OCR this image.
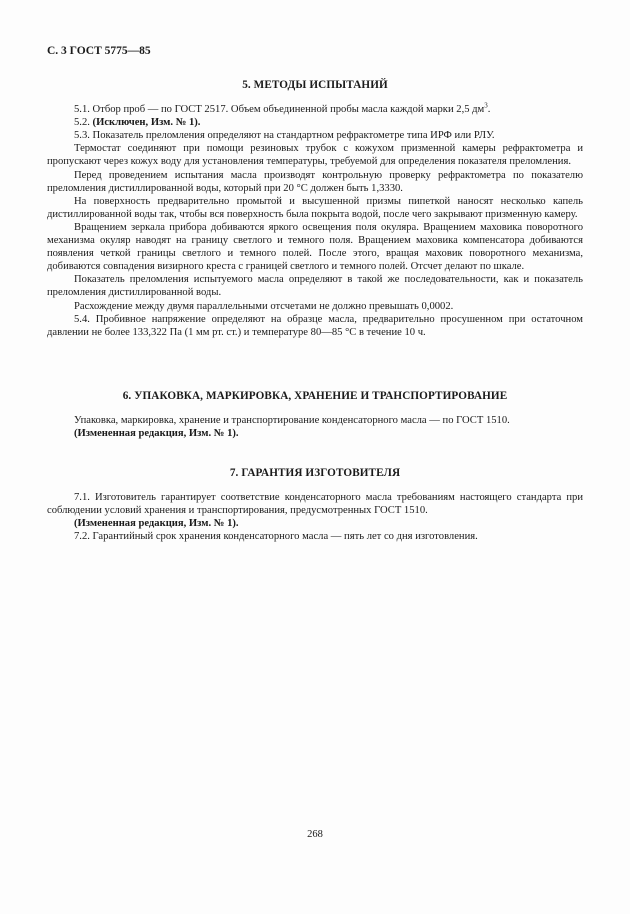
С. 3 ГОСТ 5775—85
5. МЕТОДЫ ИСПЫТАНИЙ

5.1. Отбор проб — по ГОСТ 2517. Объем объединенной пробы масла каждой марки 2,5 $дм^3$.

5.2. (Исключен, Изм. № 1).

5.3. Показатель преломления определяют на стандартном рефрактометре типа ИРФ или РЛУ.

Термостат соединяют при помощи резиновых трубок с кожухом призменной камеры рефрактометра и пропускают через кожух воду для установления температуры, требуемой для определения показателя преломления.

Перед проведением испытания масла производят контрольную проверку рефрактометра по показателю преломления дистиллированной воды, который при 20 °С должен быть 1,3330.

На поверхность предварительно промытой и высушенной призмы пипеткой наносят несколько капель дистиллированной воды так, чтобы вся поверхность была покрыта водой, после чего закрывают призменную камеру.

Вращением зеркала прибора добиваются яркого освещения поля окуляра. Вращением маховика поворотного механизма окуляр наводят на границу светлого и темного поля. Вращением маховика компенсатора добиваются появления четкой границы светлого и темного полей. После этого, вращая маховик поворотного механизма, добиваются совпадения визирного креста с границей светлого и темного полей. Отсчет делают по шкале.

Показатель преломления испытуемого масла определяют в такой же последовательности, как и показатель преломления дистиллированной воды.

Расхождение между двумя параллельными отсчетами не должно превышать 0,0002.

5.4. Пробивное напряжение определяют на образце масла, предварительно просушенном при остаточном давлении не более 133,322 Па (1 мм рт. ст.) и температуре 80—85 °С в течение 10 ч.

6. УПАКОВКА, МАРКИРОВКА, ХРАНЕНИЕ И ТРАНСПОРТИРОВАНИЕ

Упаковка, маркировка, хранение и транспортирование конденсаторного масла — по ГОСТ 1510.

(Измененная редакция, Изм. № 1).

7. ГАРАНТИЯ ИЗГОТОВИТЕЛЯ

7.1. Изготовитель гарантирует соответствие конденсаторного масла требованиям настоящего стандарта при соблюдении условий хранения и транспортирования, предусмотренных ГОСТ 1510.

(Измененная редакция, Изм. № 1).

7.2. Гарантийный срок хранения конденсаторного масла — пять лет со дня изготовления.

268
